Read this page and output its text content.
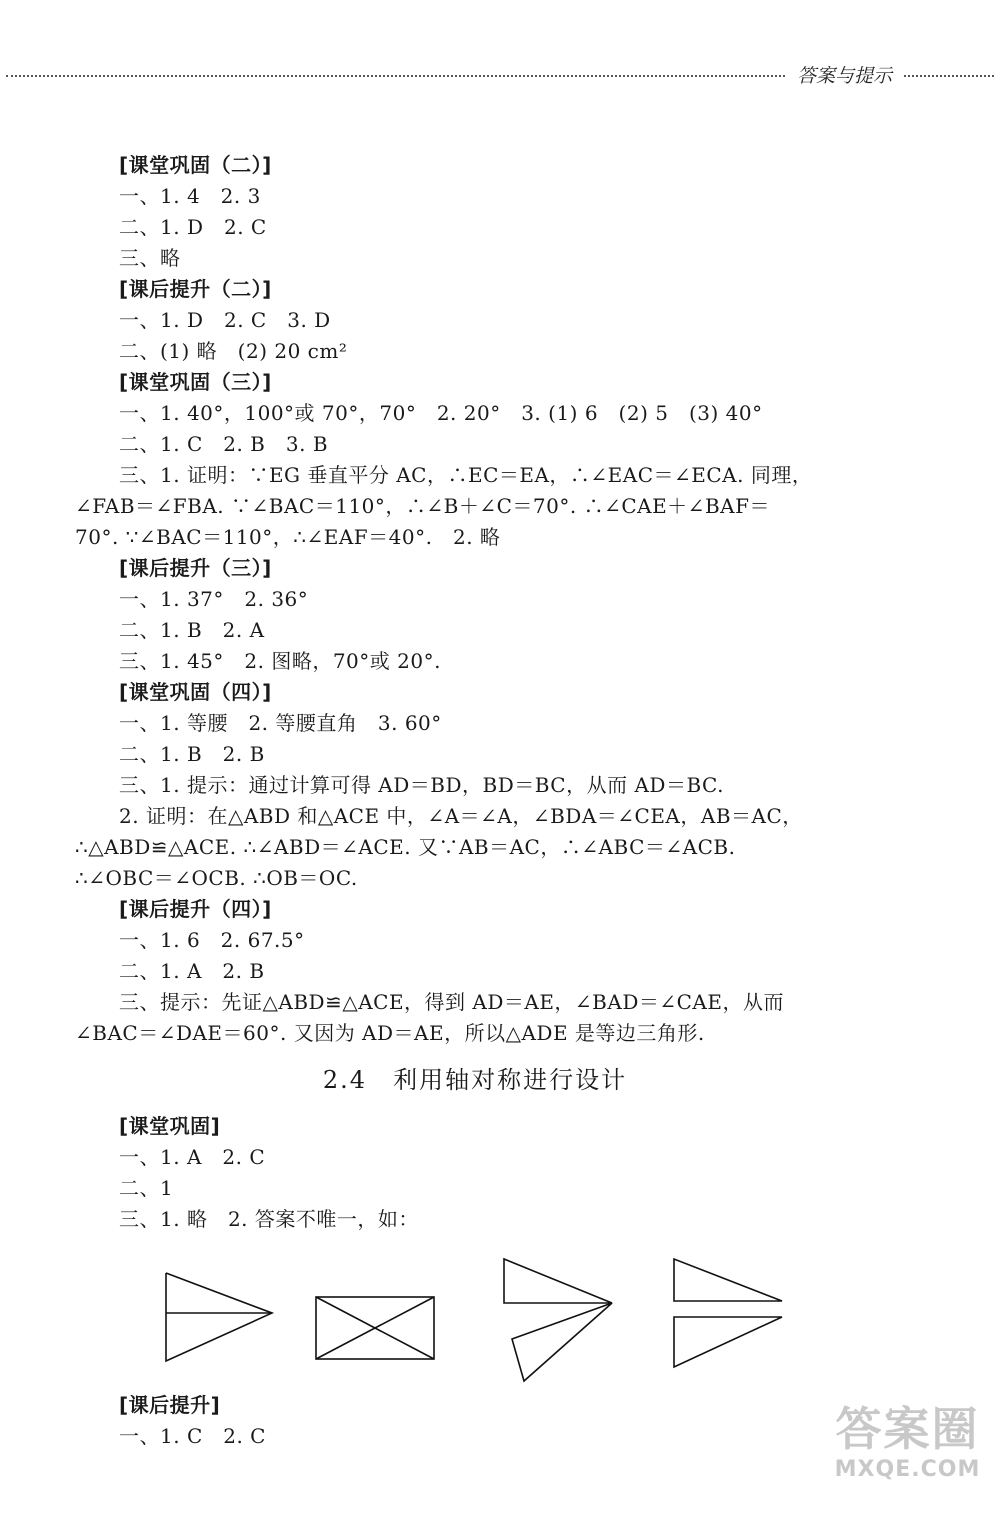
答案与提示
[课堂巩固（二）]
一、1. 4　2. 3
二、1. D　2. C
三、略
[课后提升（二）]
一、1. D　2. C　3. D
二、(1) 略　(2) 20 cm²
[课堂巩固（三）]
一、1. 40°，100°或 70°，70°　2. 20°　3. (1) 6　(2) 5　(3) 40°
二、1. C　2. B　3. B
三、1. 证明：∵EG 垂直平分 AC，∴EC＝EA，∴∠EAC＝∠ECA. 同理，
∠FAB＝∠FBA. ∵∠BAC＝110°，∴∠B＋∠C＝70°. ∴∠CAE＋∠BAF＝
70°. ∵∠BAC＝110°，∴∠EAF＝40°.　2. 略
[课后提升（三）]
一、1. 37°　2. 36°
二、1. B　2. A
三、1. 45°　2. 图略，70°或 20°.
[课堂巩固（四）]
一、1. 等腰　2. 等腰直角　3. 60°
二、1. B　2. B
三、1. 提示：通过计算可得 AD＝BD，BD＝BC，从而 AD＝BC.
2. 证明：在△ABD 和△ACE 中，∠A＝∠A，∠BDA＝∠CEA，AB＝AC，
∴△ABD≌△ACE. ∴∠ABD＝∠ACE. 又∵AB＝AC，∴∠ABC＝∠ACB.
∴∠OBC＝∠OCB. ∴OB＝OC.
[课后提升（四）]
一、1. 6　2. 67.5°
二、1. A　2. B
三、提示：先证△ABD≌△ACE，得到 AD＝AE，∠BAD＝∠CAE，从而
∠BAC＝∠DAE＝60°. 又因为 AD＝AE，所以△ADE 是等边三角形.
2.4　利用轴对称进行设计
[课堂巩固]
一、1. A　2. C
二、1
三、1. 略　2. 答案不唯一，如：
[课后提升]
一、1. C　2. C	答案圈
MXQE.COM
